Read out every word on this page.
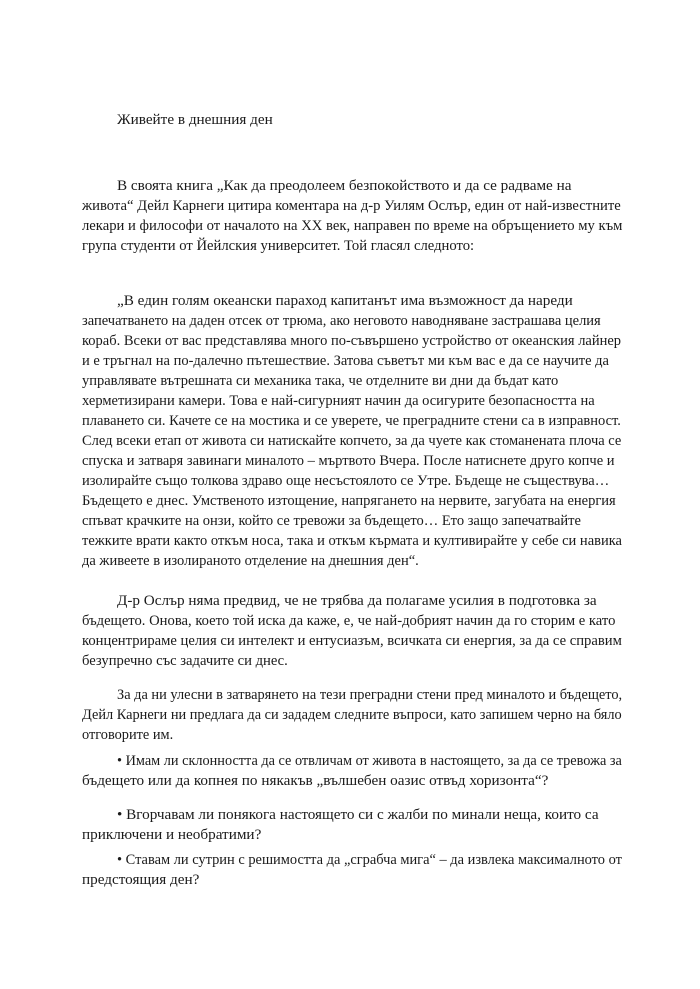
Живейте в днешния ден

В своята книга „Как да преодолеем безпокойството и да се радваме на

живота“ Дейл Карнеги цитира коментара на д-р Уилям Ослър, един от най-известните
лекари и философи от началото на XX век, направен по време на обръщението му към
група студенти от Йейлския университет. Той гласял следното:

„В един голям океански параход капитанът има възможност да нареди

запечатването на даден отсек от трюма, ако неговото наводняване застрашава целия
кораб. Всеки от вас представлява много по-съвършено устройство от океанския лайнер
и е тръгнал на по-далечно пътешествие. Затова съветът ми към вас е да се научите да
управлявате вътрешната си механика така, че отделните ви дни да бъдат като
херметизирани камери. Това е най-сигурният начин да осигурите безопасността на
плаването си. Качете се на мостика и се уверете, че преградните стени са в изправност.
След всеки етап от живота си натискайте копчето, за да чуете как стоманената плоча се
спуска и затваря завинаги миналото – мъртвото Вчера. После натиснете друго копче и
изолирайте също толкова здраво още несъстоялото се Утре. Бъдеще не съществува…
Бъдещето е днес. Умственото изтощение, напрягането на нервите, загубата на енергия
спъват крачките на онзи, който се тревожи за бъдещето… Ето защо запечатвайте
тежките врати както откъм носа, така и откъм кърмата и култивирайте у себе си навика
да живеете в изолираното отделение на днешния ден“.

Д-р Ослър няма предвид, че не трябва да полагаме усилия в подготовка за

бъдещето. Онова, което той иска да каже, е, че най-добрият начин да го сторим е като
концентрираме целия си интелект и ентусиазъм, всичката си енергия, за да се справим
безупречно със задачите си днес.

За да ни улесни в затварянето на тези преградни стени пред миналото и бъдещето,

Дейл Карнеги ни предлага да си зададем следните въпроси, като запишем черно на бяло
отговорите им.

• Имам ли склонността да се отвличам от живота в настоящето, за да се тревожа за

бъдещето или да копнея по някакъв „вълшебен оазис отвъд хоризонта“?

• Вгорчавам ли понякога настоящето си с жалби по минали неща, които са

приключени и необратими?

• Ставам ли сутрин с решимостта да „сграбча мига“ – да извлека максималното от

предстоящия ден?
